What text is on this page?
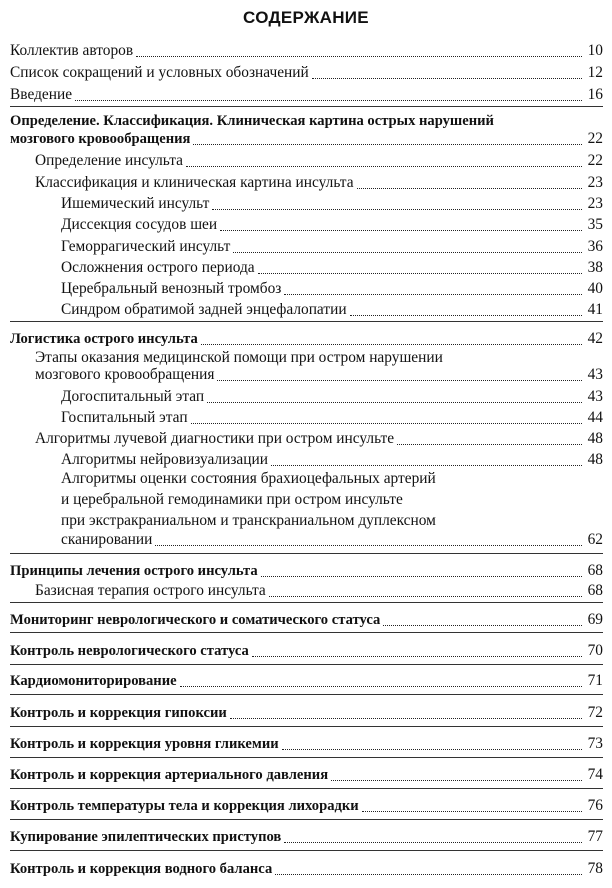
СОДЕРЖАНИЕ
Коллектив авторов	10
Список сокращений и условных обозначений	12
Введение	16
Определение. Классификация. Клиническая картина острых нарушений
мозгового кровообращения	22
Определение инсульта	22
Классификация и клиническая картина инсульта	23
Ишемический инсульт	23
Диссекция сосудов шеи	35
Геморрагический инсульт	36
Осложнения острого периода	38
Церебральный венозный тромбоз	40
Синдром обратимой задней энцефалопатии	41
Логистика острого инсульта	42
Этапы оказания медицинской помощи при остром нарушении
мозгового кровообращения	43
Догоспитальный этап	43
Госпитальный этап	44
Алгоритмы лучевой диагностики при остром инсульте	48
Алгоритмы нейровизуализации	48
Алгоритмы оценки состояния брахиоцефальных артерий
и церебральной гемодинамики при остром инсульте
при экстракраниальном и транскраниальном дуплексном
сканировании	62
Принципы лечения острого инсульта	68
Базисная терапия острого инсульта	68
Мониторинг неврологического и соматического статуса	69
Контроль неврологического статуса	70
Кардиомониторирование	71
Контроль и коррекция гипоксии	72
Контроль и коррекция уровня гликемии	73
Контроль и коррекция артериального давления	74
Контроль температуры тела и коррекция лихорадки	76
Купирование эпилептических приступов	77
Контроль и коррекция водного баланса	78
